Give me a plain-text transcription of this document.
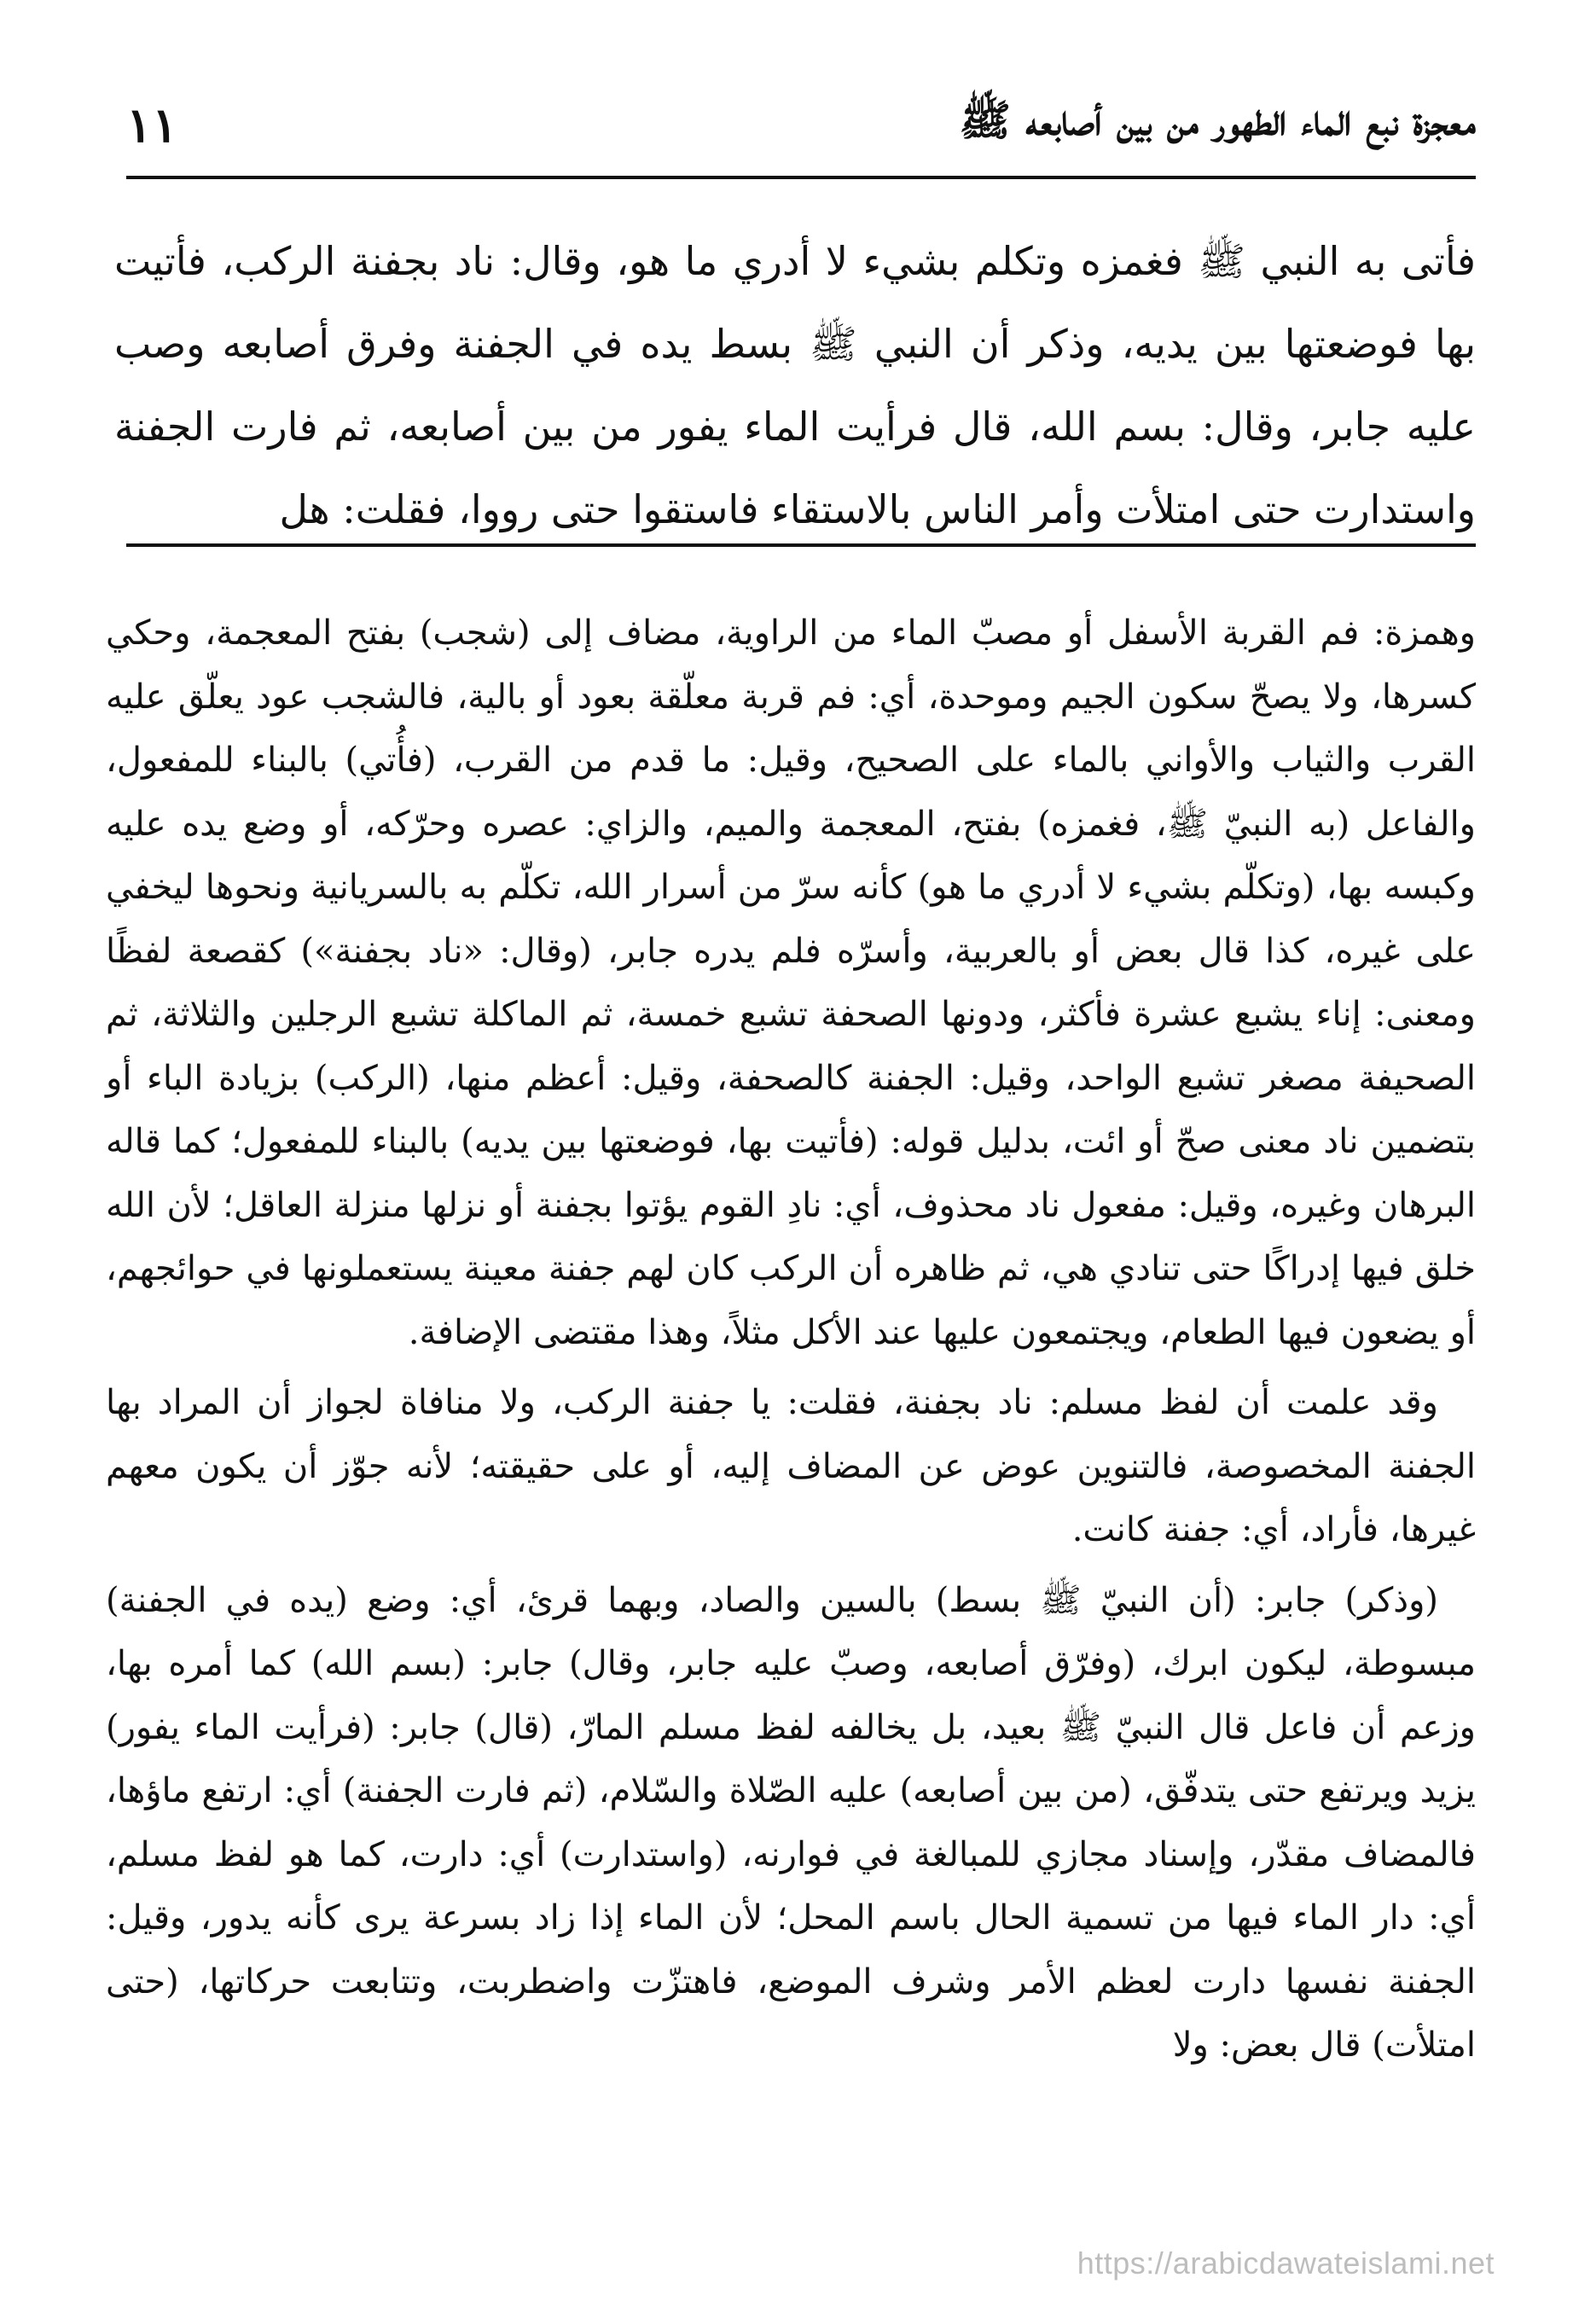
معجزة نبع الماء الطهور من بين أصابعه ﷺ
١١

فأتى به النبي ﷺ فغمزه وتكلم بشيء لا أدري ما هو، وقال: ناد بجفنة الركب، فأتيت بها فوضعتها بين يديه، وذكر أن النبي ﷺ بسط يده في الجفنة وفرق أصابعه وصب عليه جابر، وقال: بسم الله، قال فرأيت الماء يفور من بين أصابعه، ثم فارت الجفنة واستدارت حتى امتلأت وأمر الناس بالاستقاء فاستقوا حتى رووا، فقلت: هل

وهمزة: فم القربة الأسفل أو مصبّ الماء من الراوية، مضاف إلى (شجب) بفتح المعجمة، وحكي كسرها، ولا يصحّ سكون الجيم وموحدة، أي: فم قربة معلّقة بعود أو بالية، فالشجب عود يعلّق عليه القرب والثياب والأواني بالماء على الصحيح، وقيل: ما قدم من القرب، (فأُتي) بالبناء للمفعول، والفاعل (به النبيّ ﷺ، فغمزه) بفتح، المعجمة والميم، والزاي: عصره وحرّكه، أو وضع يده عليه وكبسه بها، (وتكلّم بشيء لا أدري ما هو) كأنه سرّ من أسرار الله، تكلّم به بالسريانية ونحوها ليخفي على غيره، كذا قال بعض أو بالعربية، وأسرّه فلم يدره جابر، (وقال: «ناد بجفنة») كقصعة لفظًا ومعنى: إناء يشبع عشرة فأكثر، ودونها الصحفة تشبع خمسة، ثم الماكلة تشبع الرجلين والثلاثة، ثم الصحيفة مصغر تشبع الواحد، وقيل: الجفنة كالصحفة، وقيل: أعظم منها، (الركب) بزيادة الباء أو بتضمين ناد معنى صحّ أو ائت، بدليل قوله: (فأتيت بها، فوضعتها بين يديه) بالبناء للمفعول؛ كما قاله البرهان وغيره، وقيل: مفعول ناد محذوف، أي: نادِ القوم يؤتوا بجفنة أو نزلها منزلة العاقل؛ لأن الله خلق فيها إدراكًا حتى تنادي هي، ثم ظاهره أن الركب كان لهم جفنة معينة يستعملونها في حوائجهم، أو يضعون فيها الطعام، ويجتمعون عليها عند الأكل مثلاً، وهذا مقتضى الإضافة.

وقد علمت أن لفظ مسلم: ناد بجفنة، فقلت: يا جفنة الركب، ولا منافاة لجواز أن المراد بها الجفنة المخصوصة، فالتنوين عوض عن المضاف إليه، أو على حقيقته؛ لأنه جوّز أن يكون معهم غيرها، فأراد، أي: جفنة كانت.

(وذكر) جابر: (أن النبيّ ﷺ بسط) بالسين والصاد، وبهما قرئ، أي: وضع (يده في الجفنة) مبسوطة، ليكون ابرك، (وفرّق أصابعه، وصبّ عليه جابر، وقال) جابر: (بسم الله) كما أمره بها، وزعم أن فاعل قال النبيّ ﷺ بعيد، بل يخالفه لفظ مسلم المارّ، (قال) جابر: (فرأيت الماء يفور) يزيد ويرتفع حتى يتدفّق، (من بين أصابعه) عليه الصّلاة والسّلام، (ثم فارت الجفنة) أي: ارتفع ماؤها، فالمضاف مقدّر، وإسناد مجازي للمبالغة في فوارنه، (واستدارت) أي: دارت، كما هو لفظ مسلم، أي: دار الماء فيها من تسمية الحال باسم المحل؛ لأن الماء إذا زاد بسرعة يرى كأنه يدور، وقيل: الجفنة نفسها دارت لعظم الأمر وشرف الموضع، فاهتزّت واضطربت، وتتابعت حركاتها، (حتى امتلأت) قال بعض: ولا

https://arabicdawateislami.net
